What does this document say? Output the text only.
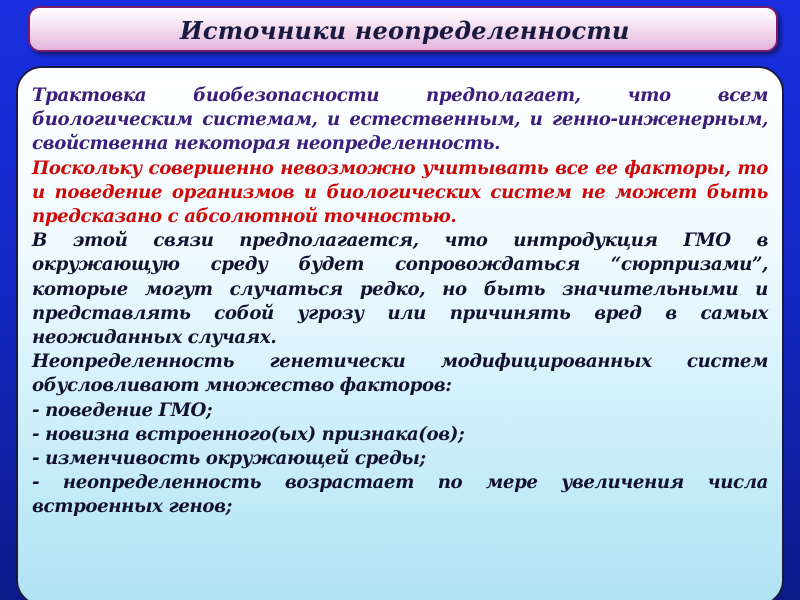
Источники неопределенности
Трактовка биобезопасности предполагает, что всем биологическим системам, и естественным, и генно-инженерным, свойственна некоторая неопределенность.
Поскольку совершенно невозможно учитывать все ее факторы, то и поведение организмов и биологических систем не может быть предсказано с абсолютной точностью.
В этой связи предполагается, что интродукция ГМО в окружающую среду будет сопровождаться “сюрпризами”, которые могут случаться редко, но быть значительными и представлять собой угрозу или причинять вред в самых неожиданных случаях.
Неопределенность генетически модифицированных систем обусловливают множество факторов:
- поведение ГМО;
- новизна встроенного(ых) признака(ов);
- изменчивость окружающей среды;
- неопределенность возрастает по мере увеличения числа встроенных генов;
